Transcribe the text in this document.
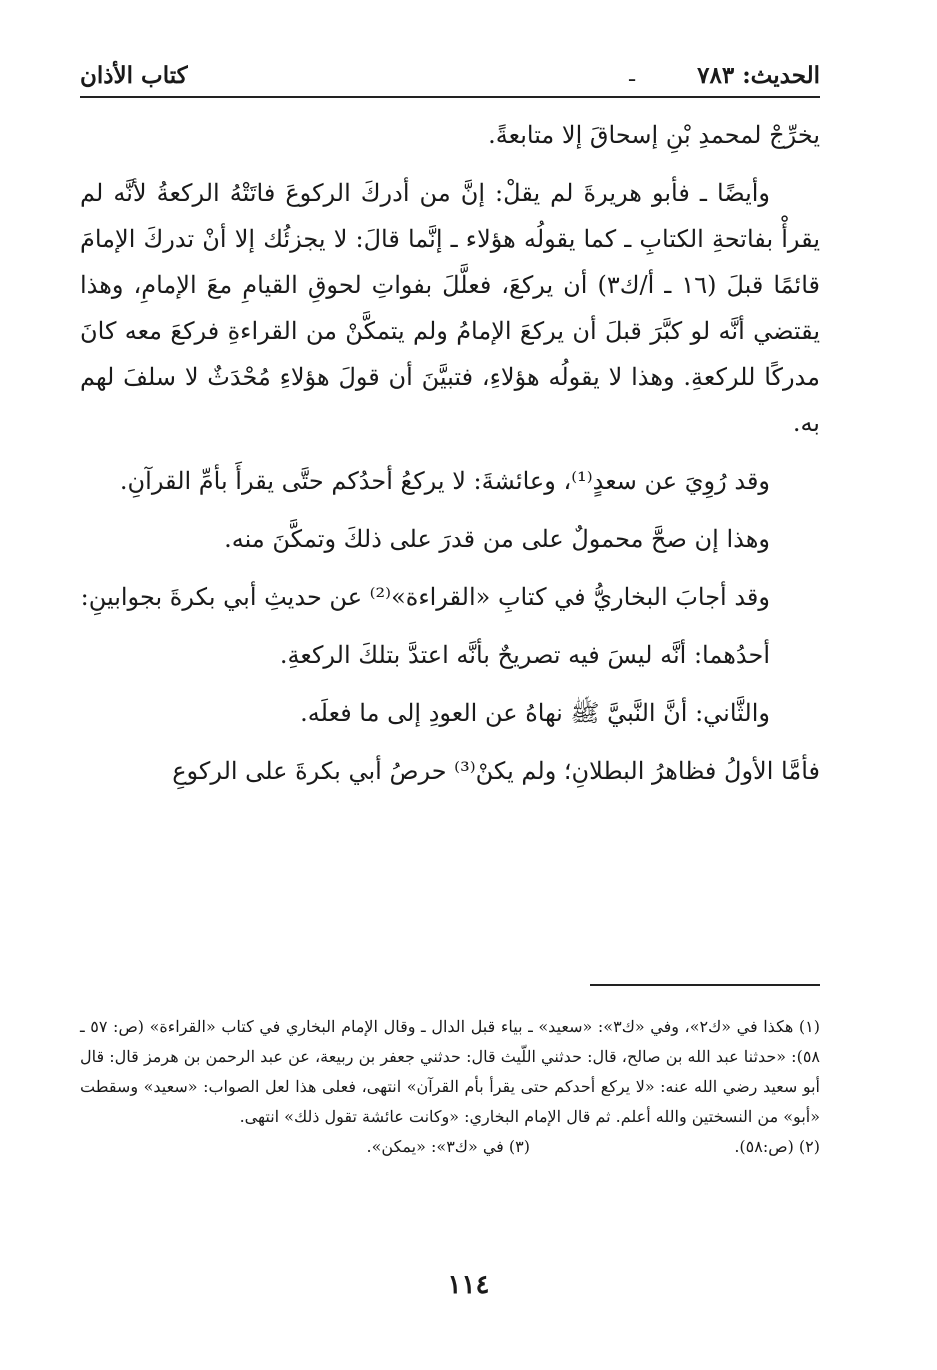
الحديث: ٧٨٣
ـ
كتاب الأذان

يخرِّجْ لمحمدِ بْنِ إسحاقَ إلا متابعةً.

وأيضًا ـ فأبو هريرةَ لم يقلْ: إنَّ من أدركَ الركوعَ فاتَتْهُ الركعةُ لأنَّه لم يقرأْ بفاتحةِ الكتابِ ـ كما يقولُه هؤلاء ـ إنَّما قالَ: لا يجزئُك إلا أنْ تدركَ الإمامَ قائمًا قبلَ (١٦ ـ أ/ك٣) أن يركعَ، فعلَّلَ بفواتِ لحوقِ القيامِ معَ الإمامِ، وهذا يقتضي أنَّه لو كبَّرَ قبلَ أن يركعَ الإمامُ ولم يتمكَّنْ من القراءةِ فركعَ معه كانَ مدركًا للركعةِ. وهذا لا يقولُه هؤلاءِ، فتبيَّنَ أن قولَ هؤلاءِ مُحْدَثٌ لا سلفَ لهم به.

وقد رُوِيَ عن سعدٍ⁽¹⁾، وعائشةَ: لا يركعُ أحدُكم حتَّى يقرأَ بأمِّ القرآنِ.

وهذا إن صحَّ محمولٌ على من قدرَ على ذلكَ وتمكَّنَ منه.

وقد أجابَ البخاريُّ في كتابِ «القراءة»⁽²⁾ عن حديثِ أبي بكرةَ بجوابينِ:

أحدُهما: أنَّه ليسَ فيه تصريحٌ بأنَّه اعتدَّ بتلكَ الركعةِ.

والثَّاني: أنَّ النَّبيَّ ﷺ نهاهُ عن العودِ إلى ما فعلَه.

فأمَّا الأولُ فظاهرُ البطلانِ؛ ولم يكنْ⁽³⁾ حرصُ أبي بكرةَ على الركوعِ

(١) هكذا في «ك٢»، وفي «ك٣»: «سعيد» ـ بياء قبل الدال ـ وقال الإمام البخاري في كتاب «القراءة» (ص: ٥٧ ـ ٥٨): «حدثنا عبد الله بن صالح، قال: حدثني اللّيث قال: حدثني جعفر بن ربيعة، عن عبد الرحمن بن هرمز قال: قال أبو سعيد رضي الله عنه: «لا يركع أحدكم حتى يقرأ بأم القرآن» انتهى، فعلى هذا لعل الصواب: «سعيد» وسقطت «أبو» من النسختين والله أعلم. ثم قال الإمام البخاري: «وكانت عائشة تقول ذلك» انتهى.

(٢) (ص:٥٨).
(٣) في «ك٣»: «يمكن».
١١٤
